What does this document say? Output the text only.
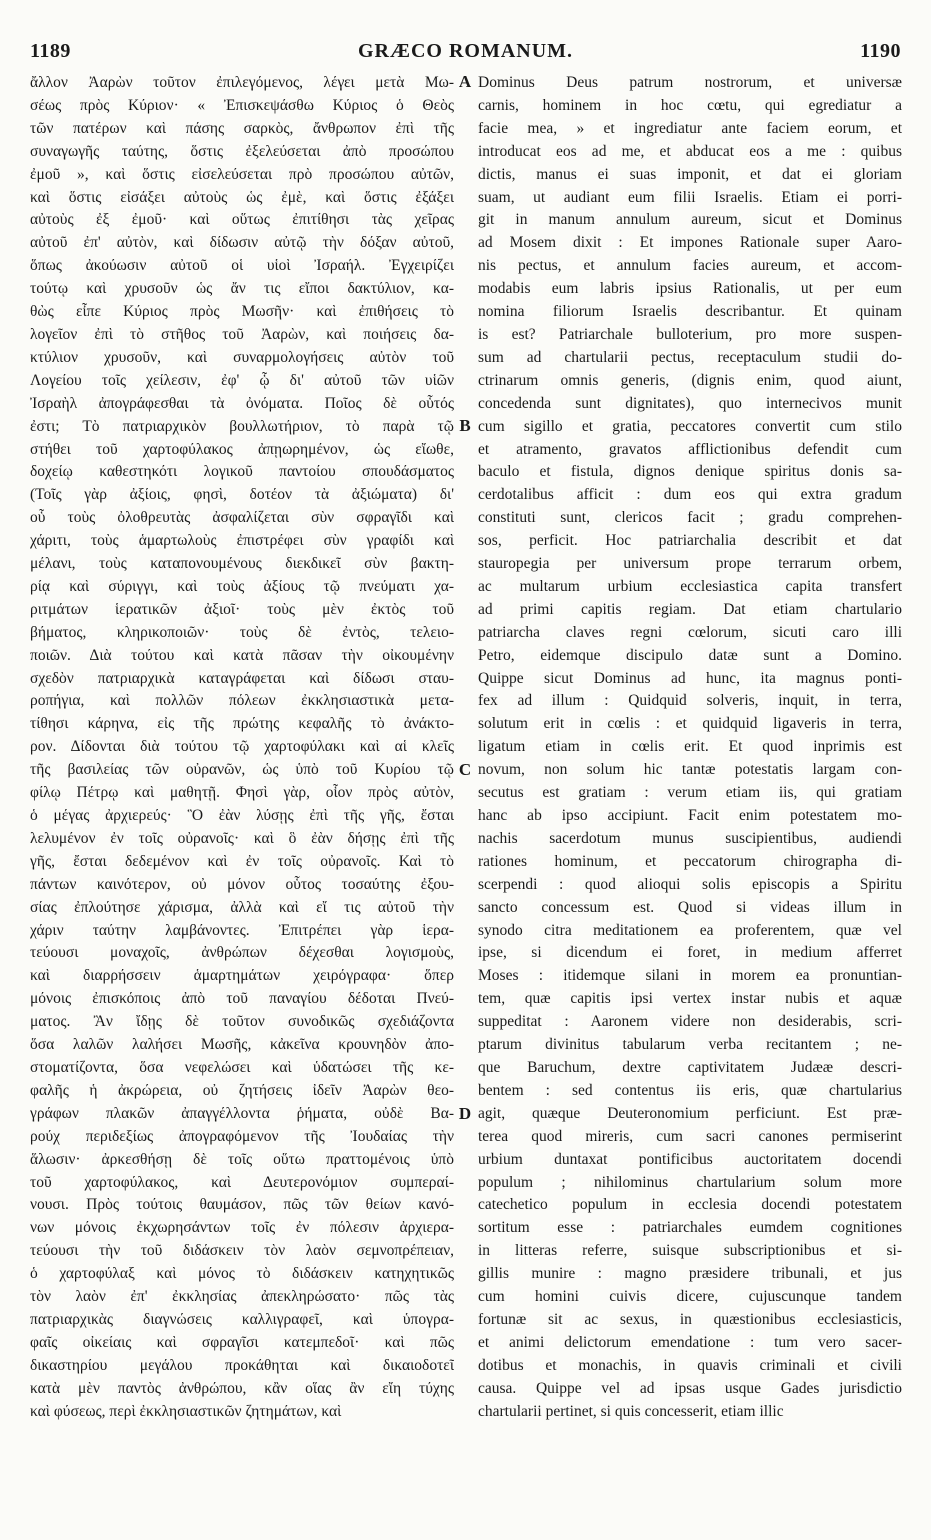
1189	GRÆCO ROMANUM.	1190
ἄλλον Ἀαρὼν τοῦτον ἐπιλεγόμενος, λέγει μετὰ Μω-
σέως πρὸς Κύριον· « Ἐπισκεψάσθω Κύριος ὁ Θεὸς
τῶν πατέρων καὶ πάσης σαρκὸς, ἄνθρωπον ἐπὶ τῆς
συναγωγῆς ταύτης, ὅστις ἐξελεύσεται ἀπὸ προσώπου
ἐμοῦ », καὶ ὅστις εἰσελεύσεται πρὸ προσώπου αὐτῶν,
καὶ ὅστις εἰσάξει αὐτοὺς ὡς ἐμὲ, καὶ ὅστις ἐξάξει
αὐτοὺς ἐξ ἐμοῦ· καὶ οὕτως ἐπιτίθησι τὰς χεῖρας
αὐτοῦ ἐπ' αὐτὸν, καὶ δίδωσιν αὐτῷ τὴν δόξαν αὐτοῦ,
ὅπως ἀκούωσιν αὐτοῦ οἱ υἱοὶ Ἰσραήλ. Ἐγχειρίζει
τούτῳ καὶ χρυσοῦν ὡς ἄν τις εἴποι δακτύλιον, κα-
θὼς εἶπε Κύριος πρὸς Μωσῆν· καὶ ἐπιθήσεις τὸ
λογεῖον ἐπὶ τὸ στῆθος τοῦ Ἀαρὼν, καὶ ποιήσεις δα-
κτύλιον χρυσοῦν, καὶ συναρμολογήσεις αὐτὸν τοῦ
Λογείου τοῖς χείλεσιν, ἐφ' ᾧ δι' αὐτοῦ τῶν υἱῶν
Ἰσραὴλ ἀπογράφεσθαι τὰ ὀνόματα. Ποῖος δὲ οὗτός
ἐστι; Τὸ πατριαρχικὸν βουλλωτήριον, τὸ παρὰ τῷ
στήθει τοῦ χαρτοφύλακος ἀπῃωρημένον, ὡς εἴωθε,
δοχείῳ καθεστηκότι λογικοῦ παντοίου σπουδάσματος
(Τοῖς γὰρ ἀξίοις, φησὶ, δοτέον τὰ ἀξιώματα) δι'
οὗ τοὺς ὀλοθρευτὰς ἀσφαλίζεται σὺν σφραγῖδι καὶ
χάριτι, τοὺς ἁμαρτωλοὺς ἐπιστρέφει σὺν γραφίδι καὶ
μέλανι, τοὺς καταπονουμένους διεκδικεῖ σὺν βακτη-
ρίᾳ καὶ σύριγγι, καὶ τοὺς ἀξίους τῷ πνεύματι χα-
ριτμάτων ἱερατικῶν ἀξιοῖ· τοὺς μὲν ἐκτὸς τοῦ
βήματος, κληρικοποιῶν· τοὺς δὲ ἐντὸς, τελειο-
ποιῶν. Διὰ τούτου καὶ κατὰ πᾶσαν τὴν οἰκουμένην
σχεδὸν πατριαρχικὰ καταγράφεται καὶ δίδωσι σταυ-
ροπήγια, καὶ πολλῶν πόλεων ἐκκλησιαστικὰ μετα-
τίθησι κάρηνα, εἰς τῆς πρώτης κεφαλῆς τὸ ἀνάκτο-
ρον. Δίδονται διὰ τούτου τῷ χαρτοφύλακι καὶ αἱ κλεῖς
τῆς βασιλείας τῶν οὐρανῶν, ὡς ὑπὸ τοῦ Κυρίου τῷ
φίλῳ Πέτρῳ καὶ μαθητῇ. Φησὶ γὰρ, οἷον πρὸς αὐτὸν,
ὁ μέγας ἀρχιερεύς· Ὃ ἐὰν λύσῃς ἐπὶ τῆς γῆς, ἔσται
λελυμένον ἐν τοῖς οὐρανοῖς· καὶ ὃ ἐὰν δήσῃς ἐπὶ τῆς
γῆς, ἔσται δεδεμένον καὶ ἐν τοῖς οὐρανοῖς. Καὶ τὸ
πάντων καινότερον, οὐ μόνον οὗτος τοσαύτης ἐξου-
σίας ἐπλούτησε χάρισμα, ἀλλὰ καὶ εἴ τις αὐτοῦ τὴν
χάριν ταύτην λαμβάνοντες. Ἐπιτρέπει γὰρ ἱερα-
τεύουσι μοναχοῖς, ἀνθρώπων δέχεσθαι λογισμοὺς,
καὶ διαρρήσσειν ἁμαρτημάτων χειρόγραφα· ὅπερ
μόνοις ἐπισκόποις ἀπὸ τοῦ παναγίου δέδοται Πνεύ-
ματος. Ἂν ἴδῃς δὲ τοῦτον συνοδικῶς σχεδιάζοντα
ὅσα λαλῶν λαλήσει Μωσῆς, κἀκεῖνα κρουνηδὸν ἀπο-
στοματίζοντα, ὅσα νεφελώσει καὶ ὑδατώσει τῆς κε-
φαλῆς ἡ ἀκρώρεια, οὐ ζητήσεις ἰδεῖν Ἀαρὼν θεο-
γράφων πλακῶν ἀπαγγέλλοντα ῥήματα, οὐδὲ Βα-
ρούχ περιδεξίως ἀπογραφόμενον τῆς Ἰουδαίας τὴν
ἅλωσιν· ἀρκεσθήσῃ δὲ τοῖς οὕτω πραττομένοις ὑπὸ
τοῦ χαρτοφύλακος, καὶ Δευτερονόμιον συμπεραί-
νουσι. Πρὸς τούτοις θαυμάσον, πῶς τῶν θείων κανό-
νων μόνοις ἐκχωρησάντων τοῖς ἐν πόλεσιν ἀρχιερα-
τεύουσι τὴν τοῦ διδάσκειν τὸν λαὸν σεμνοπρέπειαν,
ὁ χαρτοφύλαξ καὶ μόνος τὸ διδάσκειν κατηχητικῶς
τὸν λαὸν ἐπ' ἐκκλησίας ἀπεκληρώσατο· πῶς τὰς
πατριαρχικὰς διαγνώσεις καλλιγραφεῖ, καὶ ὑπογρα-
φαῖς οἰκείαις καὶ σφραγῖσι κατεμπεδοῖ· καὶ πῶς
δικαστηρίου μεγάλου προκάθηται καὶ δικαιοδοτεῖ
κατὰ μὲν παντὸς ἀνθρώπου, κἂν οἵας ἂν εἴη τύχης
καὶ φύσεως, περὶ ἐκκλησιαστικῶν ζητημάτων, καὶ
A
B
C
D
Dominus Deus patrum nostrorum, et universæ
carnis, hominem in hoc cœtu, qui egrediatur a
facie mea, » et ingrediatur ante faciem eorum, et
introducat eos ad me, et abducat eos a me : quibus
dictis, manus ei suas imponit, et dat ei gloriam
suam, ut audiant eum filii Israelis. Etiam ei porri-
git in manum annulum aureum, sicut et Dominus
ad Mosem dixit : Et impones Rationale super Aaro-
nis pectus, et annulum facies aureum, et accom-
modabis eum labris ipsius Rationalis, ut per eum
nomina filiorum Israelis describantur. Et quinam
is est? Patriarchale bulloterium, pro more suspen-
sum ad chartularii pectus, receptaculum studii do-
ctrinarum omnis generis, (dignis enim, quod aiunt,
concedenda sunt dignitates), quo internecivos munit
cum sigillo et gratia, peccatores convertit cum stilo
et atramento, gravatos afflictionibus defendit cum
baculo et fistula, dignos denique spiritus donis sa-
cerdotalibus afficit : dum eos qui extra gradum
constituti sunt, clericos facit ; gradu comprehen-
sos, perficit. Hoc patriarchalia describit et dat
stauropegia per universum prope terrarum orbem,
ac multarum urbium ecclesiastica capita transfert
ad primi capitis regiam. Dat etiam chartulario
patriarcha claves regni cœlorum, sicuti caro illi
Petro, eidemque discipulo datæ sunt a Domino.
Quippe sicut Dominus ad hunc, ita magnus ponti-
fex ad illum : Quidquid solveris, inquit, in terra,
solutum erit in cœlis : et quidquid ligaveris in terra,
ligatum etiam in cœlis erit. Et quod inprimis est
novum, non solum hic tantæ potestatis largam con-
secutus est gratiam : verum etiam iis, qui gratiam
hanc ab ipso accipiunt. Facit enim potestatem mo-
nachis sacerdotum munus suscipientibus, audiendi
rationes hominum, et peccatorum chirographa di-
scerpendi : quod alioqui solis episcopis a Spiritu
sancto concessum est. Quod si videas illum in
synodo citra meditationem ea proferentem, quæ vel
ipse, si dicendum ei foret, in medium afferret
Moses : itidemque silani in morem ea pronuntian-
tem, quæ capitis ipsi vertex instar nubis et aquæ
suppeditat : Aaronem videre non desiderabis, scri-
ptarum divinitus tabularum verba recitantem ; ne-
que Baruchum, dextre captivitatem Judææ descri-
bentem : sed contentus iis eris, quæ chartularius
agit, quæque Deuteronomium perficiunt. Est præ-
terea quod mireris, cum sacri canones permiserint
urbium duntaxat pontificibus auctoritatem docendi
populum ; nihilominus chartularium solum more
catechetico populum in ecclesia docendi potestatem
sortitum esse : patriarchales eumdem cognitiones
in litteras referre, suisque subscriptionibus et si-
gillis munire : magno præsidere tribunali, et jus
cum homini cuivis dicere, cujuscunque tandem
fortunæ sit ac sexus, in quæstionibus ecclesiasticis,
et animi delictorum emendatione : tum vero sacer-
dotibus et monachis, in quavis criminali et civili
causa. Quippe vel ad ipsas usque Gades jurisdictio
chartularii pertinet, si quis concesserit, etiam illic
